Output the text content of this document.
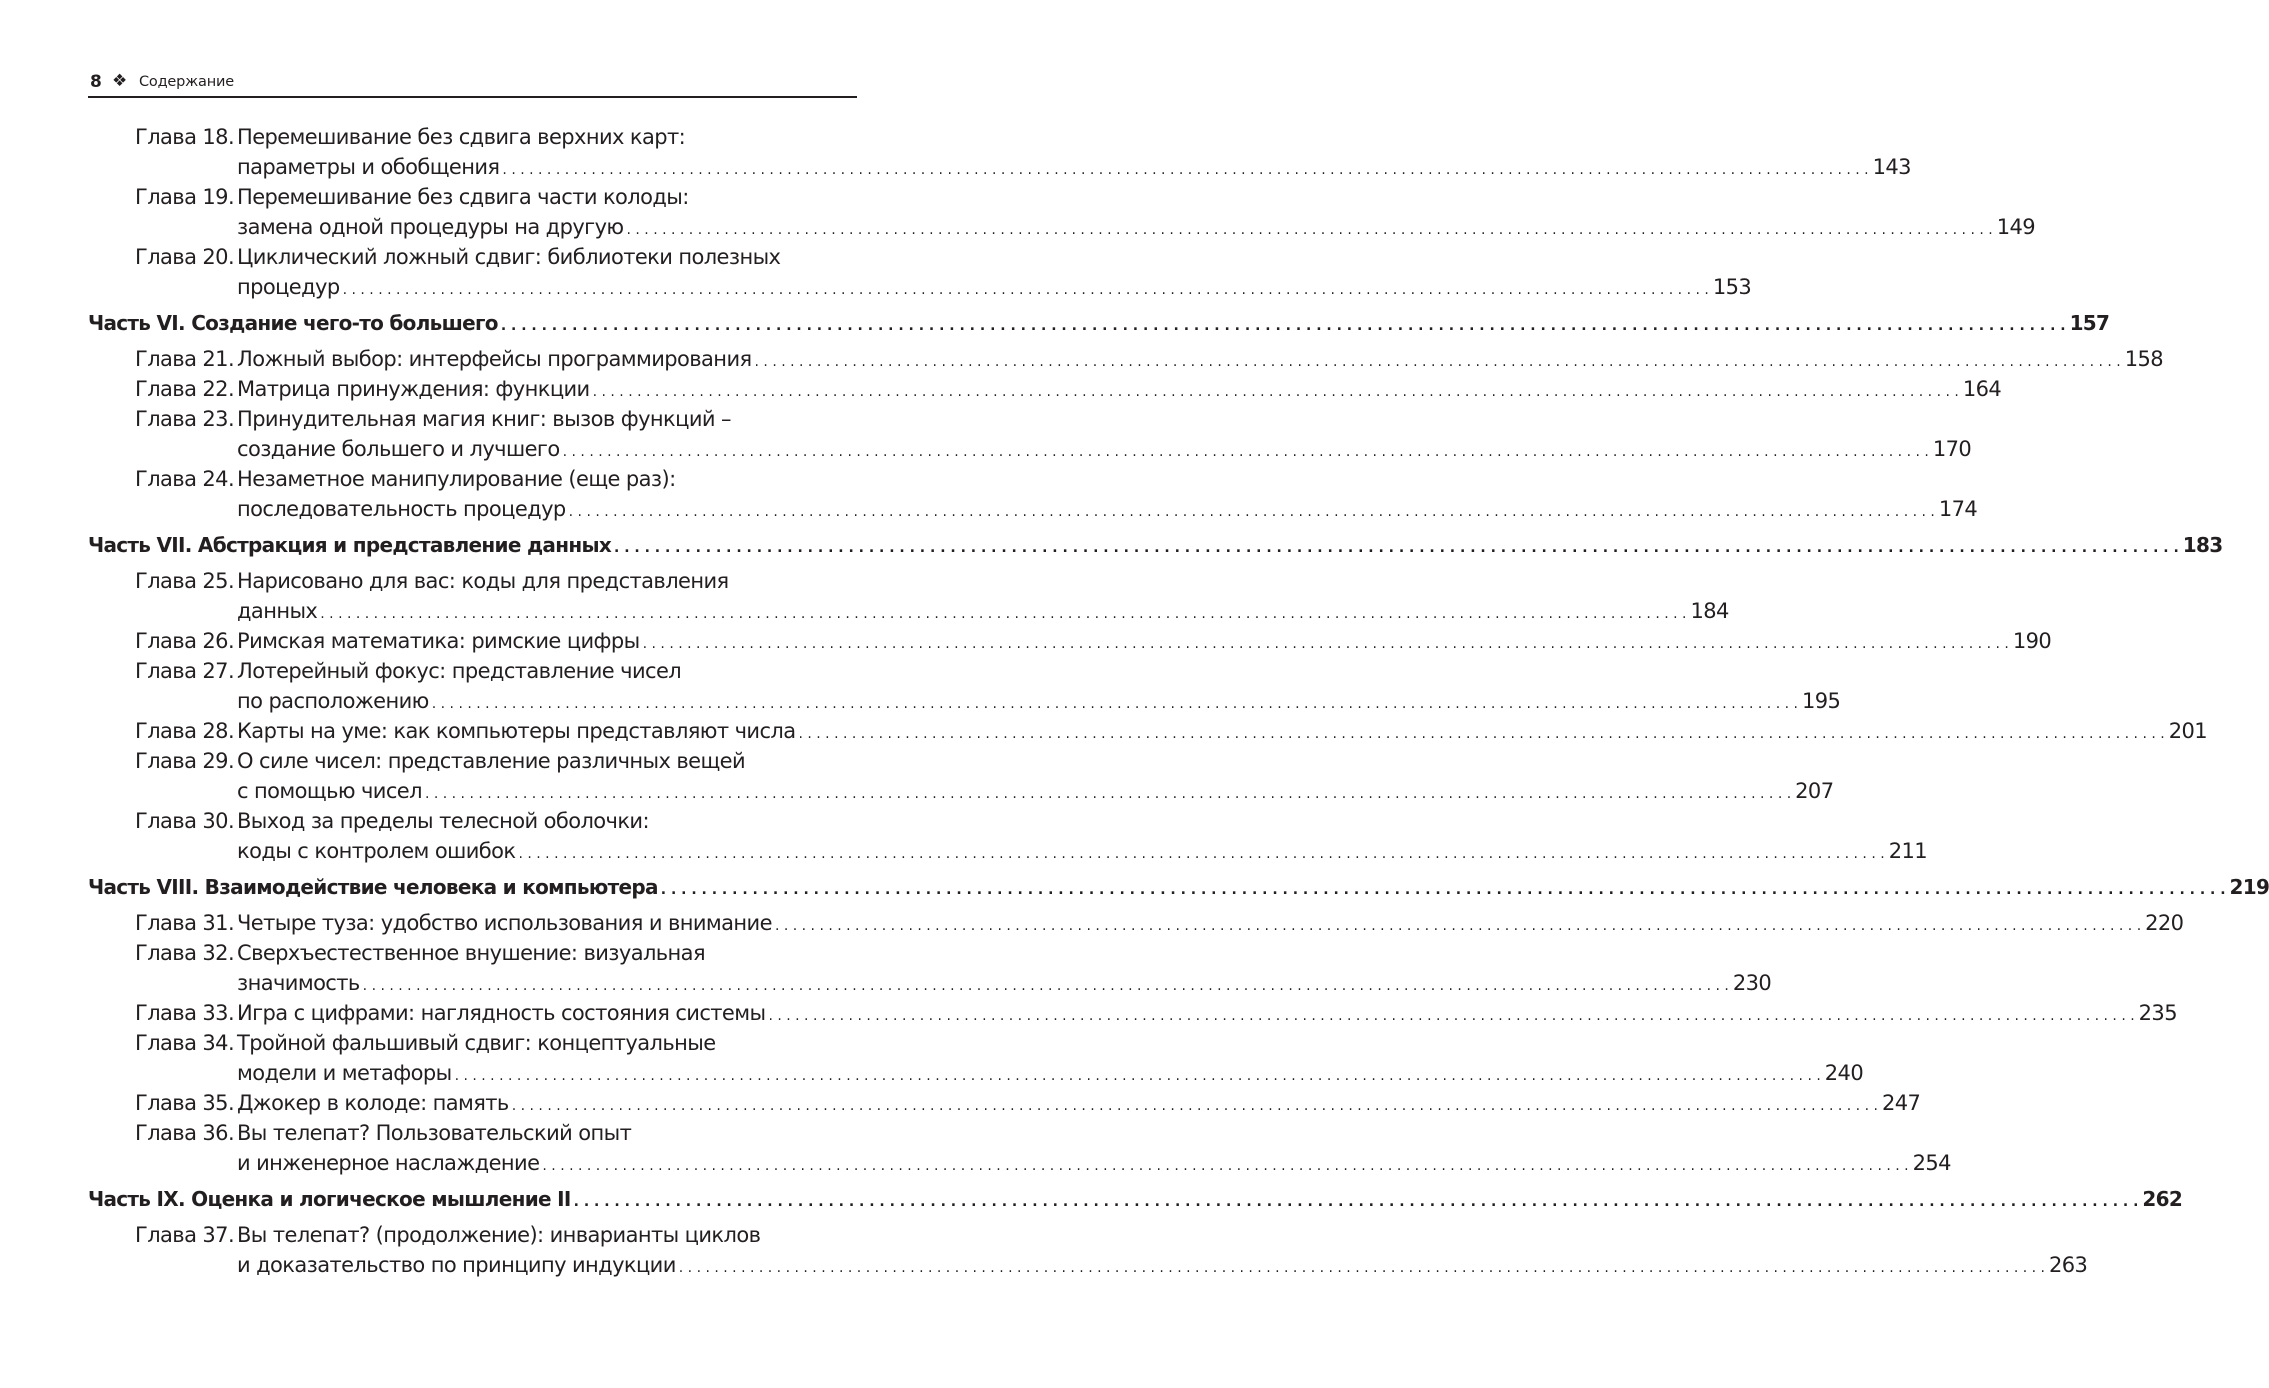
8 ❖ Содержание
Глава 18. Перемешивание без сдвига верхних карт:
параметры и обобщения . . .	143
Глава 19. Перемешивание без сдвига части колоды:
замена одной процедуры на другую . . .	149
Глава 20. Циклический ложный сдвиг: библиотеки полезных
процедур . . .	153
Часть VI. Создание чего-то большего . . .	157
Глава 21. Ложный выбор: интерфейсы программирования . . .	158
Глава 22. Матрица принуждения: функции . . .	164
Глава 23. Принудительная магия книг: вызов функций –
создание большего и лучшего . . .	170
Глава 24. Незаметное манипулирование (еще раз):
последовательность процедур . . .	174
Часть VII. Абстракция и представление данных . . .	183
Глава 25. Нарисовано для вас: коды для представления
данных . . .	184
Глава 26. Римская математика: римские цифры . . .	190
Глава 27. Лотерейный фокус: представление чисел
по расположению . . .	195
Глава 28. Карты на уме: как компьютеры представляют числа . . .	201
Глава 29. О силе чисел: представление различных вещей
с помощью чисел . . .	207
Глава 30. Выход за пределы телесной оболочки:
коды с контролем ошибок . . .	211
Часть VIII. Взаимодействие человека и компьютера . . .	219
Глава 31. Четыре туза: удобство использования и внимание . . .	220
Глава 32. Сверхъестественное внушение: визуальная
значимость . . .	230
Глава 33. Игра с цифрами: наглядность состояния системы . . .	235
Глава 34. Тройной фальшивый сдвиг: концептуальные
модели и метафоры . . .	240
Глава 35. Джокер в колоде: память . . .	247
Глава 36. Вы телепат? Пользовательский опыт
и инженерное наслаждение . . .	254
Часть IX. Оценка и логическое мышление II . . .	262
Глава 37. Вы телепат? (продолжение): инварианты циклов
и доказательство по принципу индукции . . .	263
